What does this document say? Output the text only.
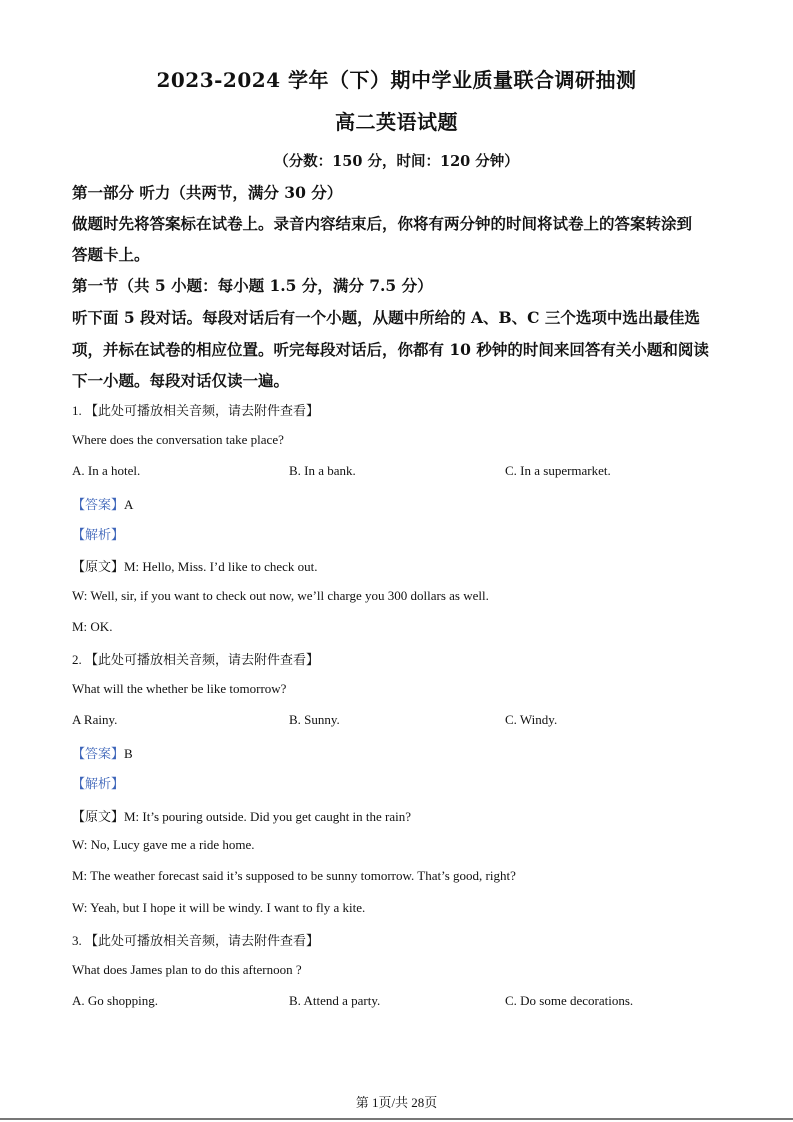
2023-2024 学年（下）期中学业质量联合调研抽测
高二英语试题
（分数：150 分，时间：120 分钟）
第一部分 听力（共两节，满分 30 分）
做题时先将答案标在试卷上。录音内容结束后，你将有两分钟的时间将试卷上的答案转涂到
答题卡上。
第一节（共 5 小题：每小题 1.5 分，满分 7.5 分）
听下面 5 段对话。每段对话后有一个小题，从题中所给的 A、B、C 三个选项中选出最佳选
项，并标在试卷的相应位置。听完每段对话后，你都有 10 秒钟的时间来回答有关小题和阅读
下一小题。每段对话仅读一遍。
1. 【此处可播放相关音频，请去附件查看】
Where does the conversation take place?
A. In a hotel.	B. In a bank.	C. In a supermarket.
【答案】A
【解析】
【原文】M: Hello, Miss. I’d like to check out.
W: Well, sir, if you want to check out now, we’ll charge you 300 dollars as well.
M: OK.
2. 【此处可播放相关音频，请去附件查看】
What will the whether be like tomorrow?
A Rainy.	B. Sunny.	C. Windy.
【答案】B
【解析】
【原文】M: It’s pouring outside. Did you get caught in the rain?
W: No, Lucy gave me a ride home.
M: The weather forecast said it’s supposed to be sunny tomorrow. That’s good, right?
W: Yeah, but I hope it will be windy. I want to fly a kite.
3. 【此处可播放相关音频，请去附件查看】
What does James plan to do this afternoon ?
A. Go shopping.	B. Attend a party.	C. Do some decorations.
第 1页/共 28页
